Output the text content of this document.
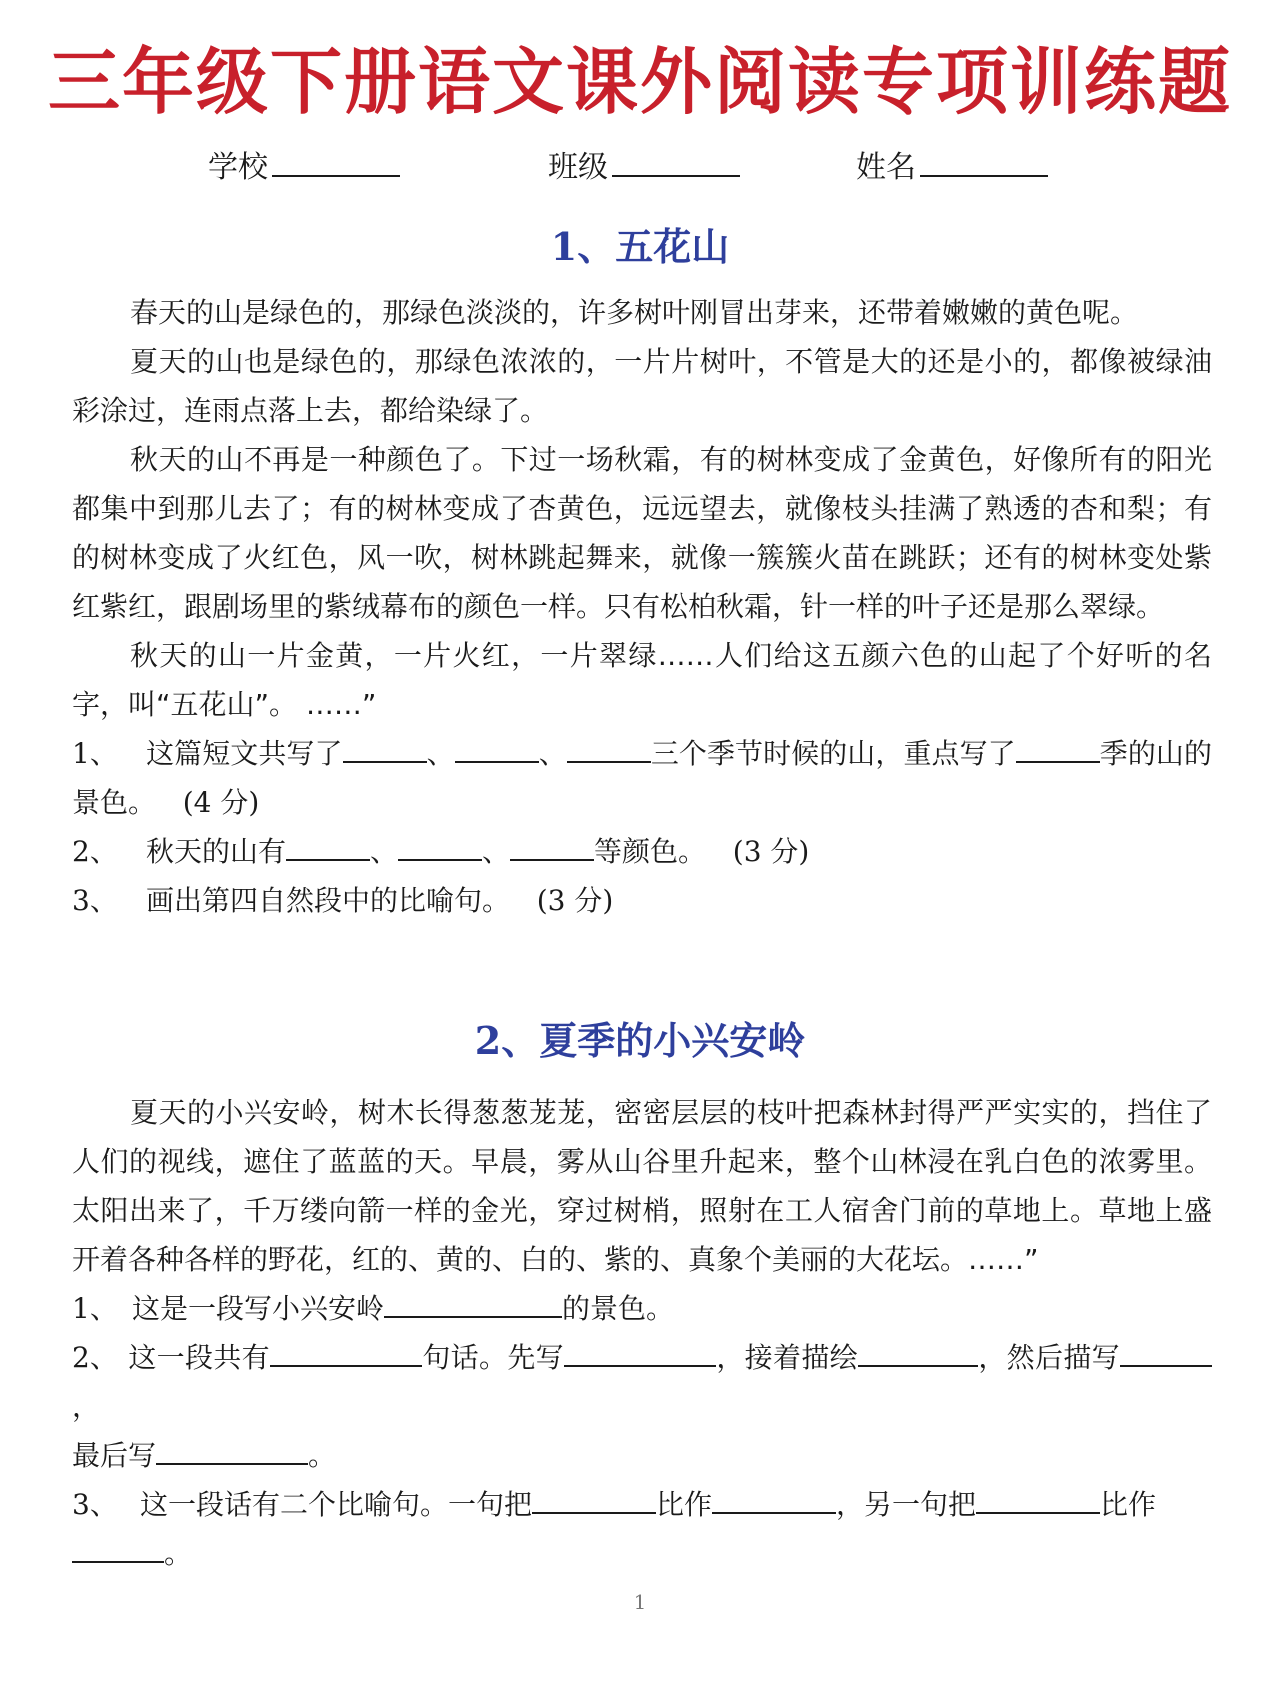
三年级下册语文课外阅读专项训练题
学校	班级	姓名
1、五花山

春天的山是绿色的，那绿色淡淡的，许多树叶刚冒出芽来，还带着嫩嫩的黄色呢。

夏天的山也是绿色的，那绿色浓浓的，一片片树叶，不管是大的还是小的，都像被绿油彩涂过，连雨点落上去，都给染绿了。

秋天的山不再是一种颜色了。下过一场秋霜，有的树林变成了金黄色，好像所有的阳光都集中到那儿去了；有的树林变成了杏黄色，远远望去，就像枝头挂满了熟透的杏和梨；有的树林变成了火红色，风一吹，树林跳起舞来，就像一簇簇火苗在跳跃；还有的树林变处紫红紫红，跟剧场里的紫绒幕布的颜色一样。只有松柏秋霜，针一样的叶子还是那么翠绿。

秋天的山一片金黄，一片火红，一片翠绿……人们给这五颜六色的山起了个好听的名字，叫“五花山”。 ……”

1、 这篇短文共写了	、	、	三个季节时候的山，重点写了	季的山的景色。 (4 分)

2、 秋天的山有	、	、	等颜色。 (3 分)

3、 画出第四自然段中的比喻句。 (3 分)

2、夏季的小兴安岭

夏天的小兴安岭，树木长得葱葱茏茏，密密层层的枝叶把森林封得严严实实的，挡住了人们的视线，遮住了蓝蓝的天。早晨，雾从山谷里升起来，整个山林浸在乳白色的浓雾里。太阳出来了，千万缕向箭一样的金光，穿过树梢，照射在工人宿舍门前的草地上。草地上盛开着各种各样的野花，红的、黄的、白的、紫的、真象个美丽的大花坛。……”

1、 这是一段写小兴安岭	的景色。

2、 这一段共有	句话。先写	，接着描绘	，然后描写，
最后写	。

3、 这一段话有二个比喻句。一句把	比作	，另一句把	比作
。

1
